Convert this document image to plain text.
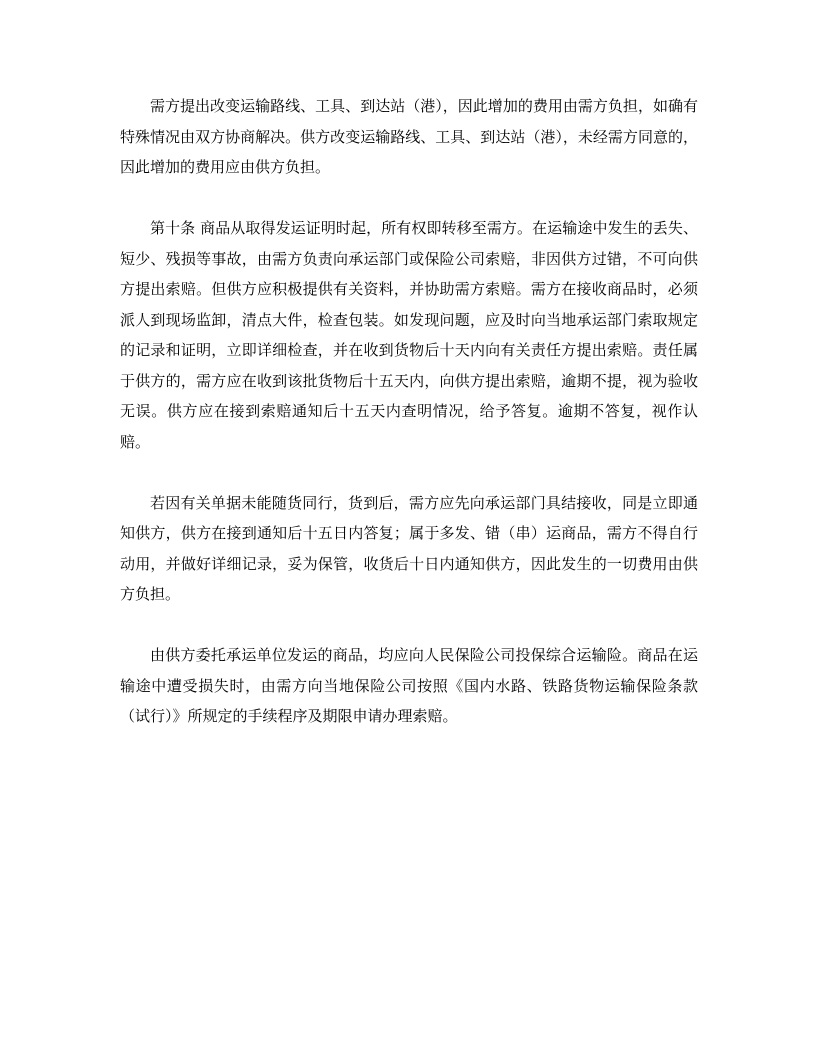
需方提出改变运输路线、工具、到达站（港），因此增加的费用由需方负担，如确有特殊情况由双方协商解决。供方改变运输路线、工具、到达站（港），未经需方同意的，因此增加的费用应由供方负担。

第十条 商品从取得发运证明时起，所有权即转移至需方。在运输途中发生的丢失、短少、残损等事故，由需方负责向承运部门或保险公司索赔，非因供方过错，不可向供方提出索赔。但供方应积极提供有关资料，并协助需方索赔。需方在接收商品时，必须派人到现场监卸，清点大件，检查包装。如发现问题，应及时向当地承运部门索取规定的记录和证明，立即详细检查，并在收到货物后十天内向有关责任方提出索赔。责任属于供方的，需方应在收到该批货物后十五天内，向供方提出索赔，逾期不提，视为验收无误。供方应在接到索赔通知后十五天内查明情况，给予答复。逾期不答复，视作认赔。

若因有关单据未能随货同行，货到后，需方应先向承运部门具结接收，同是立即通知供方，供方在接到通知后十五日内答复；属于多发、错（串）运商品，需方不得自行动用，并做好详细记录，妥为保管，收货后十日内通知供方，因此发生的一切费用由供方负担。

由供方委托承运单位发运的商品，均应向人民保险公司投保综合运输险。商品在运输途中遭受损失时，由需方向当地保险公司按照《国内水路、铁路货物运输保险条款（试行）》所规定的手续程序及期限申请办理索赔。
